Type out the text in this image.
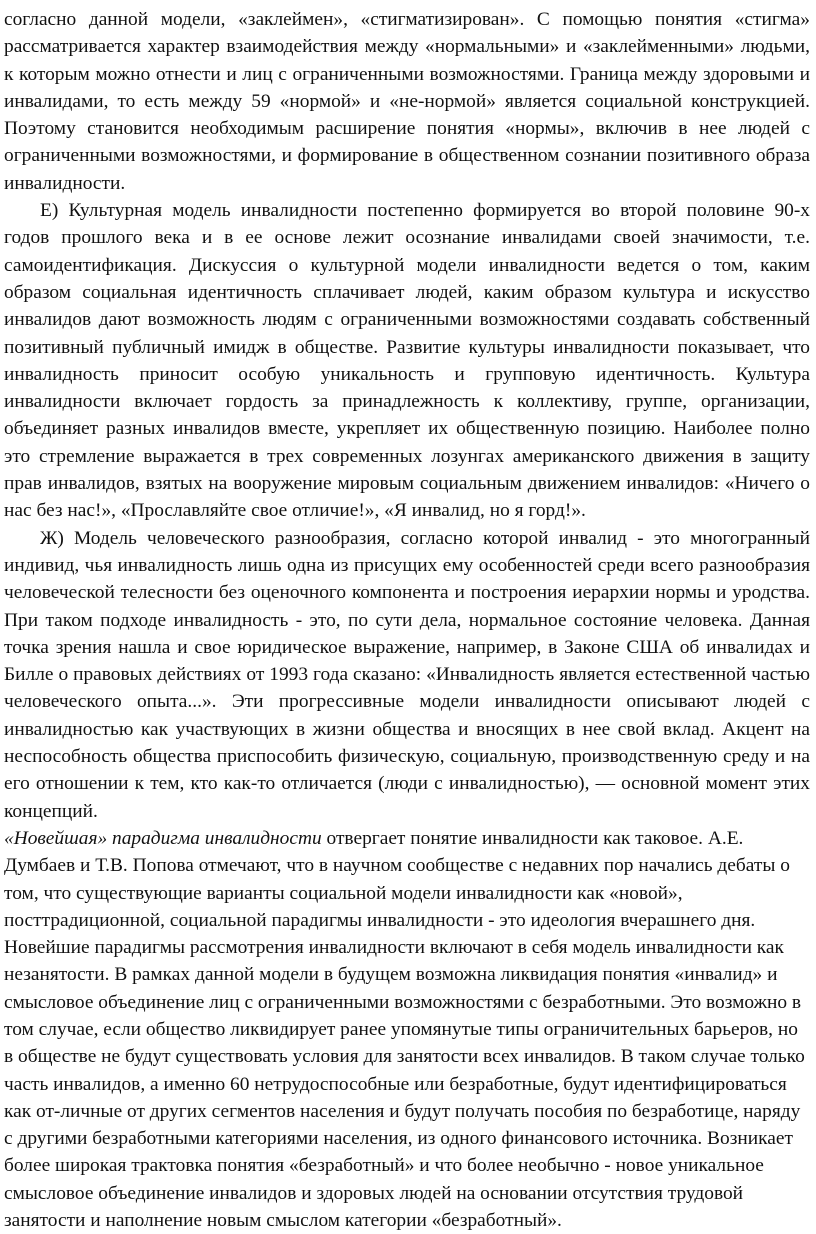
согласно данной модели, «заклеймен», «стигматизирован». С помощью понятия «стигма» рассматривается характер взаимодействия между «нормальными» и «заклейменными» людьми, к которым можно отнести и лиц с ограниченными возможностями. Граница между здоровыми и инвалидами, то есть между 59 «нормой» и «не-нормой» является социальной конструкцией. Поэтому становится необходимым расширение понятия «нормы», включив в нее людей с ограниченными возможностями, и формирование в общественном сознании позитивного образа инвалидности.

Е) Культурная модель инвалидности постепенно формируется во второй половине 90-х годов прошлого века и в ее основе лежит осознание инвалидами своей значимости, т.е. самоидентификация. Дискуссия о культурной модели инвалидности ведется о том, каким образом социальная идентичность сплачивает людей, каким образом культура и искусство инвалидов дают возможность людям с ограниченными возможностями создавать собственный позитивный публичный имидж в обществе. Развитие культуры инвалидности показывает, что инвалидность приносит особую уникальность и групповую идентичность. Культура инвалидности включает гордость за принадлежность к коллективу, группе, организации, объединяет разных инвалидов вместе, укрепляет их общественную позицию. Наиболее полно это стремление выражается в трех современных лозунгах американского движения в защиту прав инвалидов, взятых на вооружение мировым социальным движением инвалидов: «Ничего о нас без нас!», «Прославляйте свое отличие!», «Я инвалид, но я горд!».

Ж) Модель человеческого разнообразия, согласно которой инвалид - это многогранный индивид, чья инвалидность лишь одна из присущих ему особенностей среди всего разнообразия человеческой телесности без оценочного компонента и построения иерархии нормы и уродства. При таком подходе инвалидность - это, по сути дела, нормальное состояние человека. Данная точка зрения нашла и свое юридическое выражение, например, в Законе США об инвалидах и Билле о правовых действиях от 1993 года сказано: «Инвалидность является естественной частью человеческого опыта...». Эти прогрессивные модели инвалидности описывают людей с инвалидностью как участвующих в жизни общества и вносящих в нее свой вклад. Акцент на неспособность общества приспособить физическую, социальную, производственную среду и на его отношении к тем, кто как-то отличается (люди с инвалидностью), — основной момент этих концепций.

«Новейшая» парадигма инвалидности отвергает понятие инвалидности как таковое. А.Е. Думбаев и Т.В. Попова отмечают, что в научном сообществе с недавних пор начались дебаты о том, что существующие варианты социальной модели инвалидности как «новой», посттрадиционной, социальной парадигмы инвалидности - это идеология вчерашнего дня. Новейшие парадигмы рассмотрения инвалидности включают в себя модель инвалидности как незанятости. В рамках данной модели в будущем возможна ликвидация понятия «инвалид» и смысловое объединение лиц с ограниченными возможностями с безработными. Это возможно в том случае, если общество ликвидирует ранее упомянутые типы ограничительных барьеров, но в обществе не будут существовать условия для занятости всех инвалидов. В таком случае только часть инвалидов, а именно 60 нетрудоспособные или безработные, будут идентифицироваться как от-личные от других сегментов населения и будут получать пособия по безработице, наряду с другими безработными категориями населения, из одного финансового источника. Возникает более широкая трактовка понятия «безработный» и что более необычно - новое уникальное смысловое объединение инвалидов и здоровых людей на основании отсутствия трудовой занятости и наполнение новым смыслом категории «безработный».
